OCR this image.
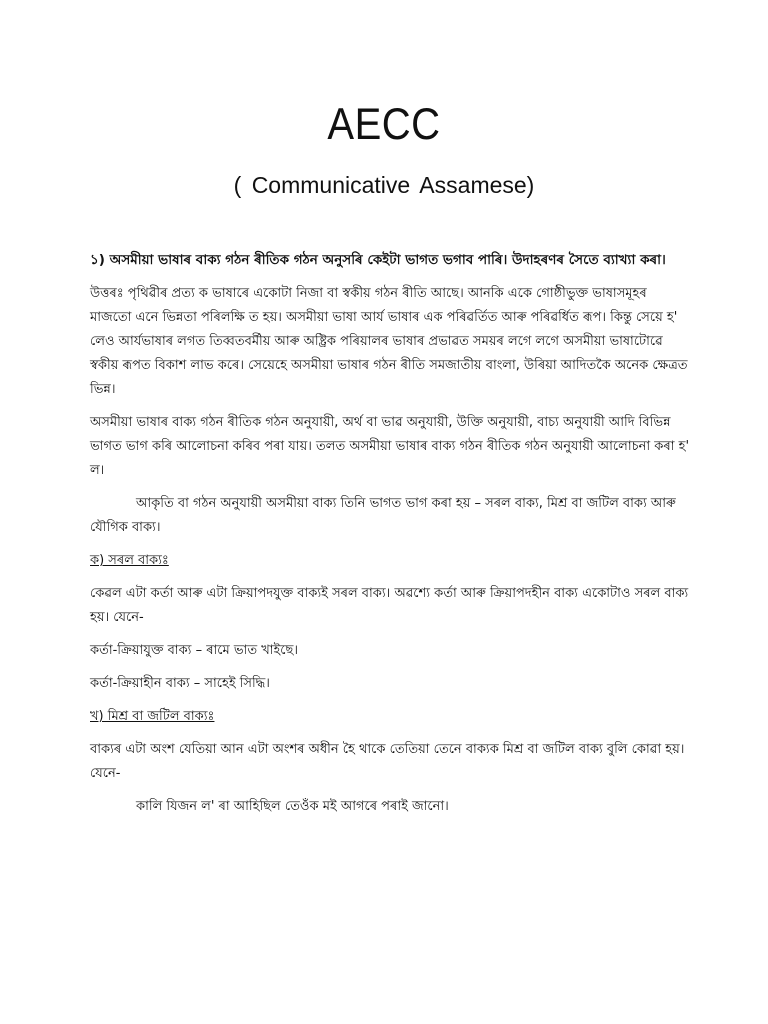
AECC
( Communicative Assamese)

১) অসমীয়া ভাষাৰ বাক্য গঠন ৰীতিক গঠন অনুসৰি কেইটা ভাগত ভগাব পাৰি। উদাহৰণৰ সৈতে ব্যাখ্যা কৰা।

উত্তৰঃ পৃথিৱীৰ প্ৰত্য ক ভাষাৰে একোটা নিজা বা স্বকীয় গঠন ৰীতি আছে। আনকি একে গোষ্ঠীভুক্ত ভাষাসমূহৰ মাজতো এনে ভিন্নতা পৰিলক্ষি ত হয়। অসমীয়া ভাষা আৰ্য ভাষাৰ এক পৰিৱৰ্তিত আৰু পৰিৱৰ্ধিত ৰূপ। কিন্তু সেয়ে হ' লেও আৰ্যভাষাৰ লগত তিব্বতবৰ্মীয় আৰু অষ্ট্ৰিক পৰিয়ালৰ ভাষাৰ প্ৰভাৱত সময়ৰ লগে লগে অসমীয়া ভাষাটোৱে স্বকীয় ৰূপত বিকাশ লাভ কৰে। সেয়েহে অসমীয়া ভাষাৰ গঠন ৰীতি সমজাতীয় বাংলা, উৰিয়া আদিতকৈ অনেক ক্ষেত্ৰত ভিন্ন।

অসমীয়া ভাষাৰ বাক্য গঠন ৰীতিক গঠন অনুযায়ী, অৰ্থ বা ভাৱ অনুযায়ী, উক্তি অনুযায়ী, বাচ্য অনুযায়ী আদি বিভিন্ন ভাগত ভাগ কৰি আলোচনা কৰিব পৰা যায়। তলত অসমীয়া ভাষাৰ বাক্য গঠন ৰীতিক গঠন অনুযায়ী আলোচনা কৰা হ' ল।

আকৃতি বা গঠন অনুযায়ী অসমীয়া বাক্য তিনি ভাগত ভাগ কৰা হয় – সৰল বাক্য, মিশ্ৰ বা জটিল বাক্য আৰু যৌগিক বাক্য।

ক) সৰল বাক্যঃ

কেৱল এটা কৰ্তা আৰু এটা ক্ৰিয়াপদযুক্ত বাক্যই সৰল বাক্য। অৱশ্যে কৰ্তা আৰু ক্ৰিয়াপদহীন বাক্য একোটাও সৰল বাক্য হয়। যেনে-

কৰ্তা-ক্ৰিয়াযুক্ত বাক্য – ৰামে ভাত খাইছে।

কৰ্তা-ক্ৰিয়াহীন বাক্য – সাহেই সিদ্ধি।

খ) মিশ্ৰ বা জটিল বাক্যঃ

বাক্যৰ এটা অংশ যেতিয়া আন এটা অংশৰ অধীন হৈ থাকে তেতিয়া তেনে বাক্যক মিশ্ৰ বা জটিল বাক্য বুলি কোৱা হয়। যেনে-

কালি যিজন ল' ৰা আহিছিল তেওঁক মই আগৰে পৰাই জানো।
